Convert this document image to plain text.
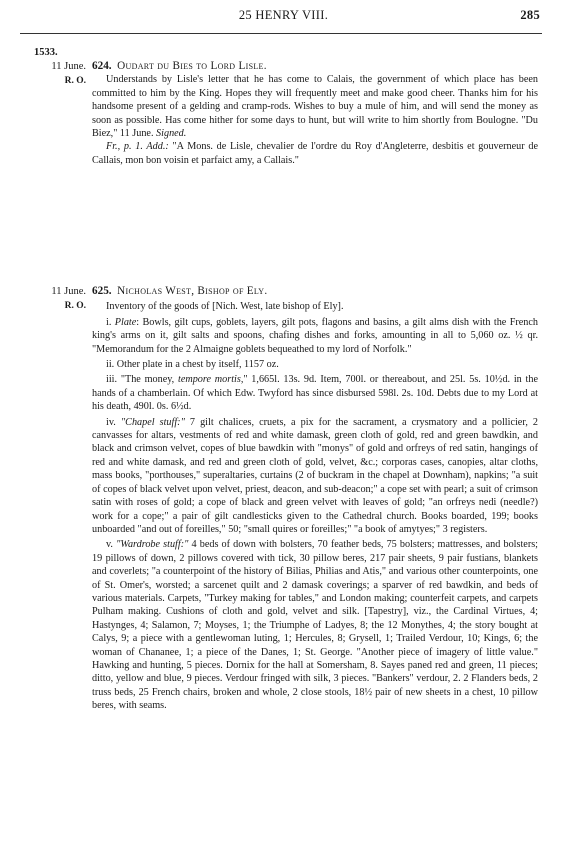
25 HENRY VIII.	285
1533.
11 June.
R. O.
11 June.
R. O.

624. Oudart du Bies to Lord Lisle.

Understands by Lisle's letter that he has come to Calais, the government of which place has been committed to him by the King. Hopes they will frequently meet and make good cheer. Thanks him for his handsome present of a gelding and cramp-rods. Wishes to buy a mule of him, and will send the money as soon as possible. Has come hither for some days to hunt, but will write to him shortly from Boulogne. "Du Biez," 11 June. Signed.

Fr., p. 1. Add.: "A Mons. de Lisle, chevalier de l'ordre du Roy d'Angleterre, desbitis et gouverneur de Callais, mon bon voisin et parfaict amy, a Callais."

625. Nicholas West, Bishop of Ely.

Inventory of the goods of [Nich. West, late bishop of Ely].

i. Plate: Bowls, gilt cups, goblets, layers, gilt pots, flagons and basins, a gilt alms dish with the French king's arms on it, gilt salts and spoons, chafing dishes and forks, amounting in all to 5,060 oz. ½ qr. "Memorandum for the 2 Almaigne goblets bequeathed to my lord of Norfolk."

ii. Other plate in a chest by itself, 1157 oz.

iii. "The money, tempore mortis," 1,665l. 13s. 9d. Item, 700l. or thereabout, and 25l. 5s. 10½d. in the hands of a chamberlain. Of which Edw. Twyford has since disbursed 598l. 2s. 10d. Debts due to my Lord at his death, 490l. 0s. 6½d.

iv. "Chapel stuff:" 7 gilt chalices, cruets, a pix for the sacrament, a crysmatory and a pollicier, 2 canvasses for altars, vestments of red and white damask, green cloth of gold, red and green bawdkin, and black and crimson velvet, copes of blue bawdkin with "monys" of gold and orfreys of red satin, hangings of red and white damask, and red and green cloth of gold, velvet, &c.; corporas cases, canopies, altar cloths, mass books, "porthouses," superaltaries, curtains (2 of buckram in the chapel at Downham), napkins; "a suit of copes of black velvet upon velvet, priest, deacon, and sub-deacon;" a cope set with pearl; a suit of crimson satin with roses of gold; a cope of black and green velvet with leaves of gold; "an orfreys nedi (needle?) work for a cope;" a pair of gilt candlesticks given to the Cathedral church. Books boarded, 199; books unboarded "and out of foreilles," 50; "small quires or foreilles;" "a book of amytyes;" 3 registers.

v. "Wardrobe stuff:" 4 beds of down with bolsters, 70 feather beds, 75 bolsters; mattresses, and bolsters; 19 pillows of down, 2 pillows covered with tick, 30 pillow beres, 217 pair sheets, 9 pair fustians, blankets and coverlets; "a counterpoint of the history of Bilias, Philias and Atis," and various other counterpoints, one of St. Omer's, worsted; a sarcenet quilt and 2 damask coverings; a sparver of red bawdkin, and beds of various materials. Carpets, "Turkey making for tables," and London making; counterfeit carpets, and carpets Pulham making. Cushions of cloth and gold, velvet and silk. [Tapestry], viz., the Cardinal Virtues, 4; Hastynges, 4; Salamon, 7; Moyses, 1; the Triumphe of Ladyes, 8; the 12 Monythes, 4; the story bought at Calys, 9; a piece with a gentlewoman luting, 1; Hercules, 8; Grysell, 1; Trailed Verdour, 10; Kings, 6; the woman of Chananee, 1; a piece of the Danes, 1; St. George. "Another piece of imagery of little value." Hawking and hunting, 5 pieces. Dornix for the hall at Somersham, 8. Sayes paned red and green, 11 pieces; ditto, yellow and blue, 9 pieces. Verdour fringed with silk, 3 pieces. "Bankers" verdour, 2. 2 Flanders beds, 2 truss beds, 25 French chairs, broken and whole, 2 close stools, 18½ pair of new sheets in a chest, 10 pillow beres, with seams.
